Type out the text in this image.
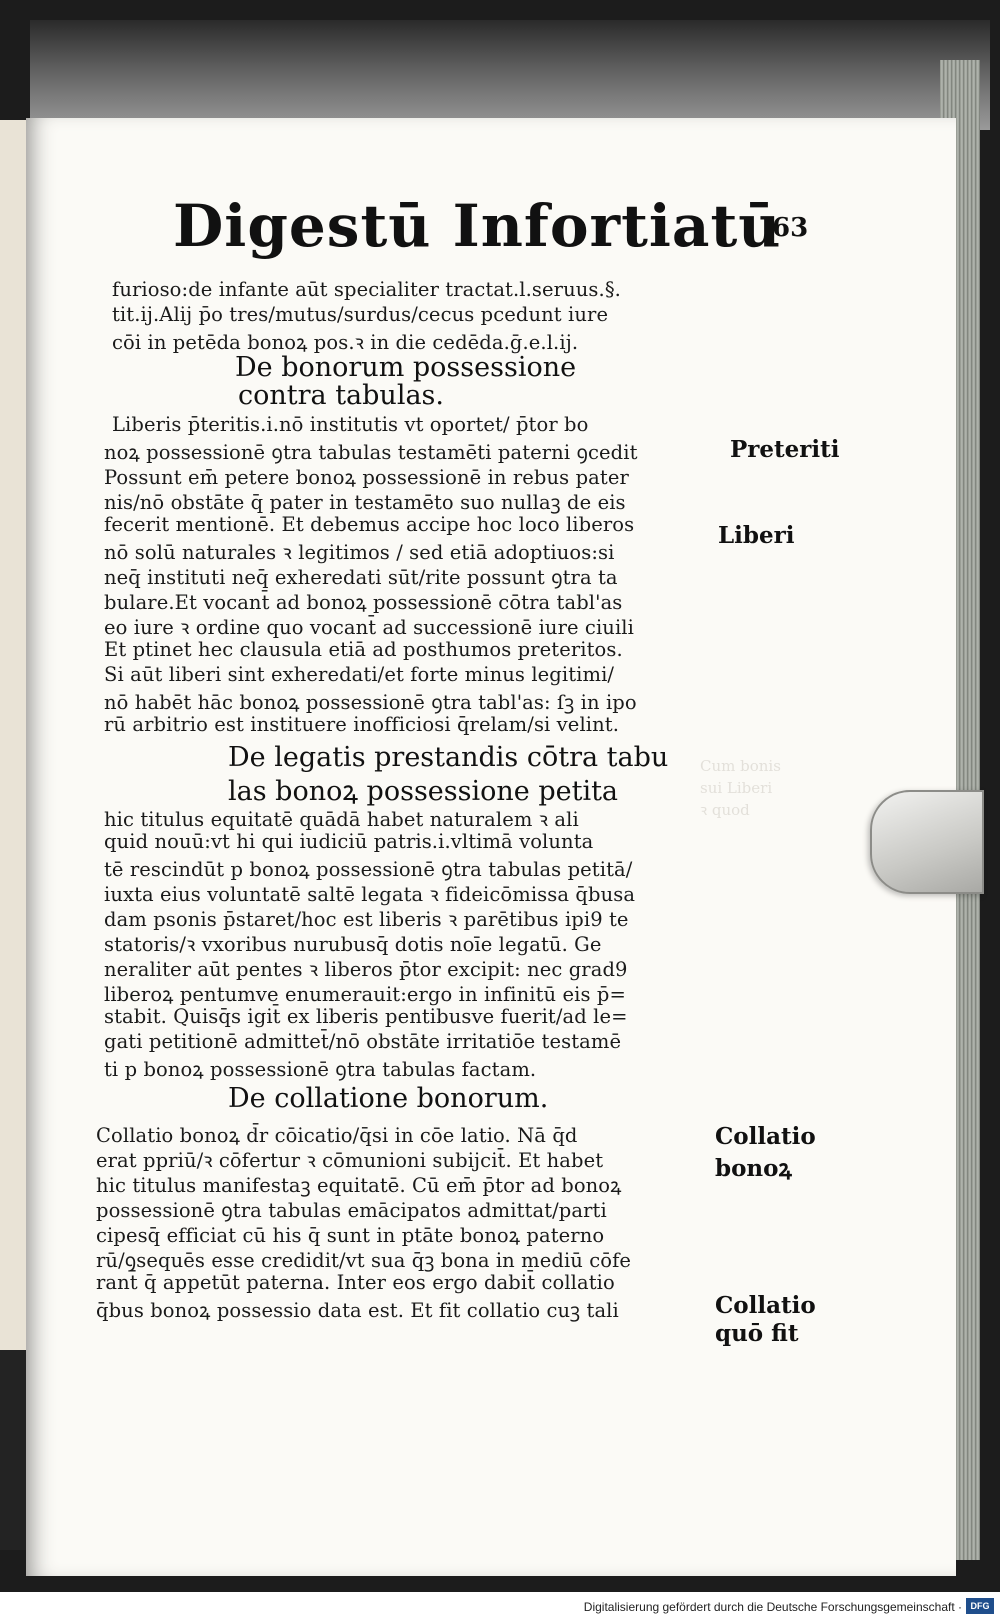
Cum bonis
sui Liberi
ꝛ quod
Digestū Infortiatū
63
furioso:de infante aūt specialiter tractat.l.seruus.§.
tit.ij.Alij p̄o tres/mutus/surdus/cecus pcedunt iure
cōi in petēda bonoꝝ pos.ꝛ in die cedēda.ḡ.e.l.ij.
De bonorum possessione
contra tabulas.
Liberis p̄teritis.i.nō institutis vt oportet/ p̄tor bo
noꝝ possessionē ꝯtra tabulas testamēti paterni ꝯcedit
Possunt em̄ petere bonoꝝ possessionē in rebus pater
nis/nō obstāte q̄ pater in testamēto suo nullaꝫ de eis
fecerit mentionē. Et debemus accipe hoc loco liberos
nō solū naturales ꝛ legitimos / sed etiā adoptiuos:si
neq̄ instituti neq̄ exheredati sūt/rite possunt ꝯtra ta
bulare.Et vocant̄ ad bonoꝝ possessionē cōtra tabl'as
eo iure ꝛ ordine quo vocant̄ ad successionē iure ciuili
Et ptinet hec clausula etiā ad posthumos preteritos.
Si aūt liberi sint exheredati/et forte minus legitimi/
nō habēt hāc bonoꝝ possessionē ꝯtra tabl'as: ſꝫ in ipo
rū arbitrio est instituere inofficiosi q̄relam/si velint.
De legatis prestandis cōtra tabu
las bonoꝝ possessione petita
hic titulus equitatē quādā habet naturalem ꝛ ali
quid nouū:vt hi qui iudiciū patris.i.vltimā volunta
tē rescindūt p bonoꝝ possessionē ꝯtra tabulas petitā/
iuxta eius voluntatē saltē legata ꝛ fideicōmissa q̄busa
dam psonis p̄staret/hoc est liberis ꝛ parētibus ipi9 te
statoris/ꝛ vxoribus nurubusq̄ dotis noīe legatū. Ge
neraliter aūt pentes ꝛ liberos p̄tor excipit: nec grad9
liberoꝝ pentumve enumerauit:ergo in infinitū eis p̄=
stabit. Quisq̄s igit̄ ex liberis pentibusve fuerit/ad le=
gati petitionē admittet̄/nō obstāte irritatiōe testamē
ti p bonoꝝ possessionē ꝯtra tabulas factam.
De collatione bonorum.
Collatio bonoꝝ d̄r cōicatio/q̄si in cōe latio. Nā q̄d
erat ppriū/ꝛ cōfertur ꝛ cōmunioni subijcit̄. Et habet
hic titulus manifestaꝫ equitatē. Cū em̄ p̄tor ad bonoꝝ
possessionē ꝯtra tabulas emācipatos admittat/parti
cipesq̄ efficiat cū his q̄ sunt in ptāte bonoꝝ paterno
rū/ꝯsequēs esse credidit/vt sua q̄ꝫ bona in mediū cōfe
rant̄ q̄ appetūt paterna. Inter eos ergo dabit̄ collatio
q̄bus bonoꝝ possessio data est. Et fit collatio cuꝫ tali
Preteriti
Liberi
Collatio
bonoꝝ
Collatio
quō fit
Digitalisierung gefördert durch die Deutsche Forschungsgemeinschaft · DFG
